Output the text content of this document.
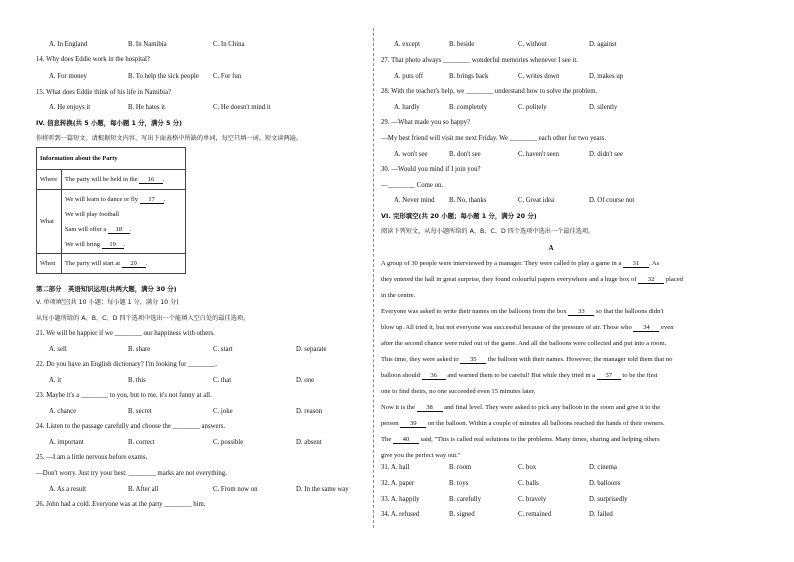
A. In England	B. In Namibia	C. In China
14. Why does Eddie work in the hospital?
A. For money	B. To help the sick people C. For fun
15. What does Eddie think of his life in Namibia?
A. He enjoys it	B. He hates it	C. He doesn't mind it
IV. 信息转换(共 5 小题，每小题 1 分，满分 5 分)
你将听到一篇短文。请根据短文内容，写出下面表格中所缺的单词，每空只填一词。短文读两遍。
Information about the Party	
Where	The party will be held in the 16 .
What	We will learn to dance or fly 17 .
We will play football
Sam will offer a 18 .
We will bring 19 .

When	The party will start at 20 .
第二部分　英语知识运用(共两大题，满分 30 分)
V. 单项填空(共 10 小题；每小题 1 分，满分 10 分)
从每小题所给的 A、B、C、D 四个选项中选出一个能填入空白处的最佳选项。
21. We will be happier if we ________ our happiness with others.
A. sell	B. share	C. start	D. separate
22. Do you have an English dictionary? I'm looking for ________.
A. it	B. this	C. that	D. one
23. Maybe it's a ________ to you, but to me, it's not funny at all.
A. chance	B. secret	C. joke	D. reason
24. Listen to the passage carefully and choose the ________ answers.
A. important	B. correct	C. possible	D. absent
25. —I am a little nervous before exams.
—Don't worry. Just try your best. ________ marks are not everything.
A. As a result	B. After all	C. From now on	D. In the same way
26. John had a cold. Everyone was at the party ________ him.
A. except	B. beside	C. without	D. against
27. That photo always ________ wonderful memories whenever I see it.
A. puts off	B. brings back	C. writes down	D. makes up
28. With the teacher's help, we ________ understand how to solve the problem.
A. hardly	B. completely	C. politely	D. silently
29. —What made you so happy?
—My best friend will visit me next Friday. We ________ each other for two years.
A. won't see	B. don't see	C. haven't seen	D. didn't see
30. —Would you mind if I join you?
—________ Come on.
A. Never mind B. No, thanks	C. Great idea	D. Of course not
VI. 完形填空(共 20 小题；每小题 1 分，满分 20 分)
阅读下列短文，从每小题所给的 A、B、C、D 四个选项中选出一个最佳选项。
A
A group of 30 people were interviewed by a manager. They were called to play a game in a 31 . As
they entered the hall in great surprise, they found colourful papers everywhere and a huge box of 32 placed
in the centre.
Everyone was asked to write their names on the balloons from the box 33 so that the balloons didn't
blow up. All tried it, but not everyone was successful because of the pressure of air. Those who 34 even
after the second chance were ruled out of the game. And all the balloons were collected and put into a room.
This time, they were asked to 35 the balloon with their names. However, the manager told them that no
balloon should 36 and warned them to be careful! But while they tried in a 37 to be the first
one to find theirs, no one succeeded even 15 minutes later.
Now it is the 38 and final level. They were asked to pick any balloon in the room and give it to the
person 39 on the balloon. Within a couple of minutes all balloons reached the hands of their owners.
The 40 said, "This is called real solutions to the problems. Many times, sharing and helping others
give you the perfect way out."
31. A. hall	B. room	C. box	D. cinema
32. A. paper	B. toys	C. balls	D. balloons
33. A. happily	B. carefully	C. bravely	D. surprisedly
34. A. refused	B. signed	C. remained	D. failed
